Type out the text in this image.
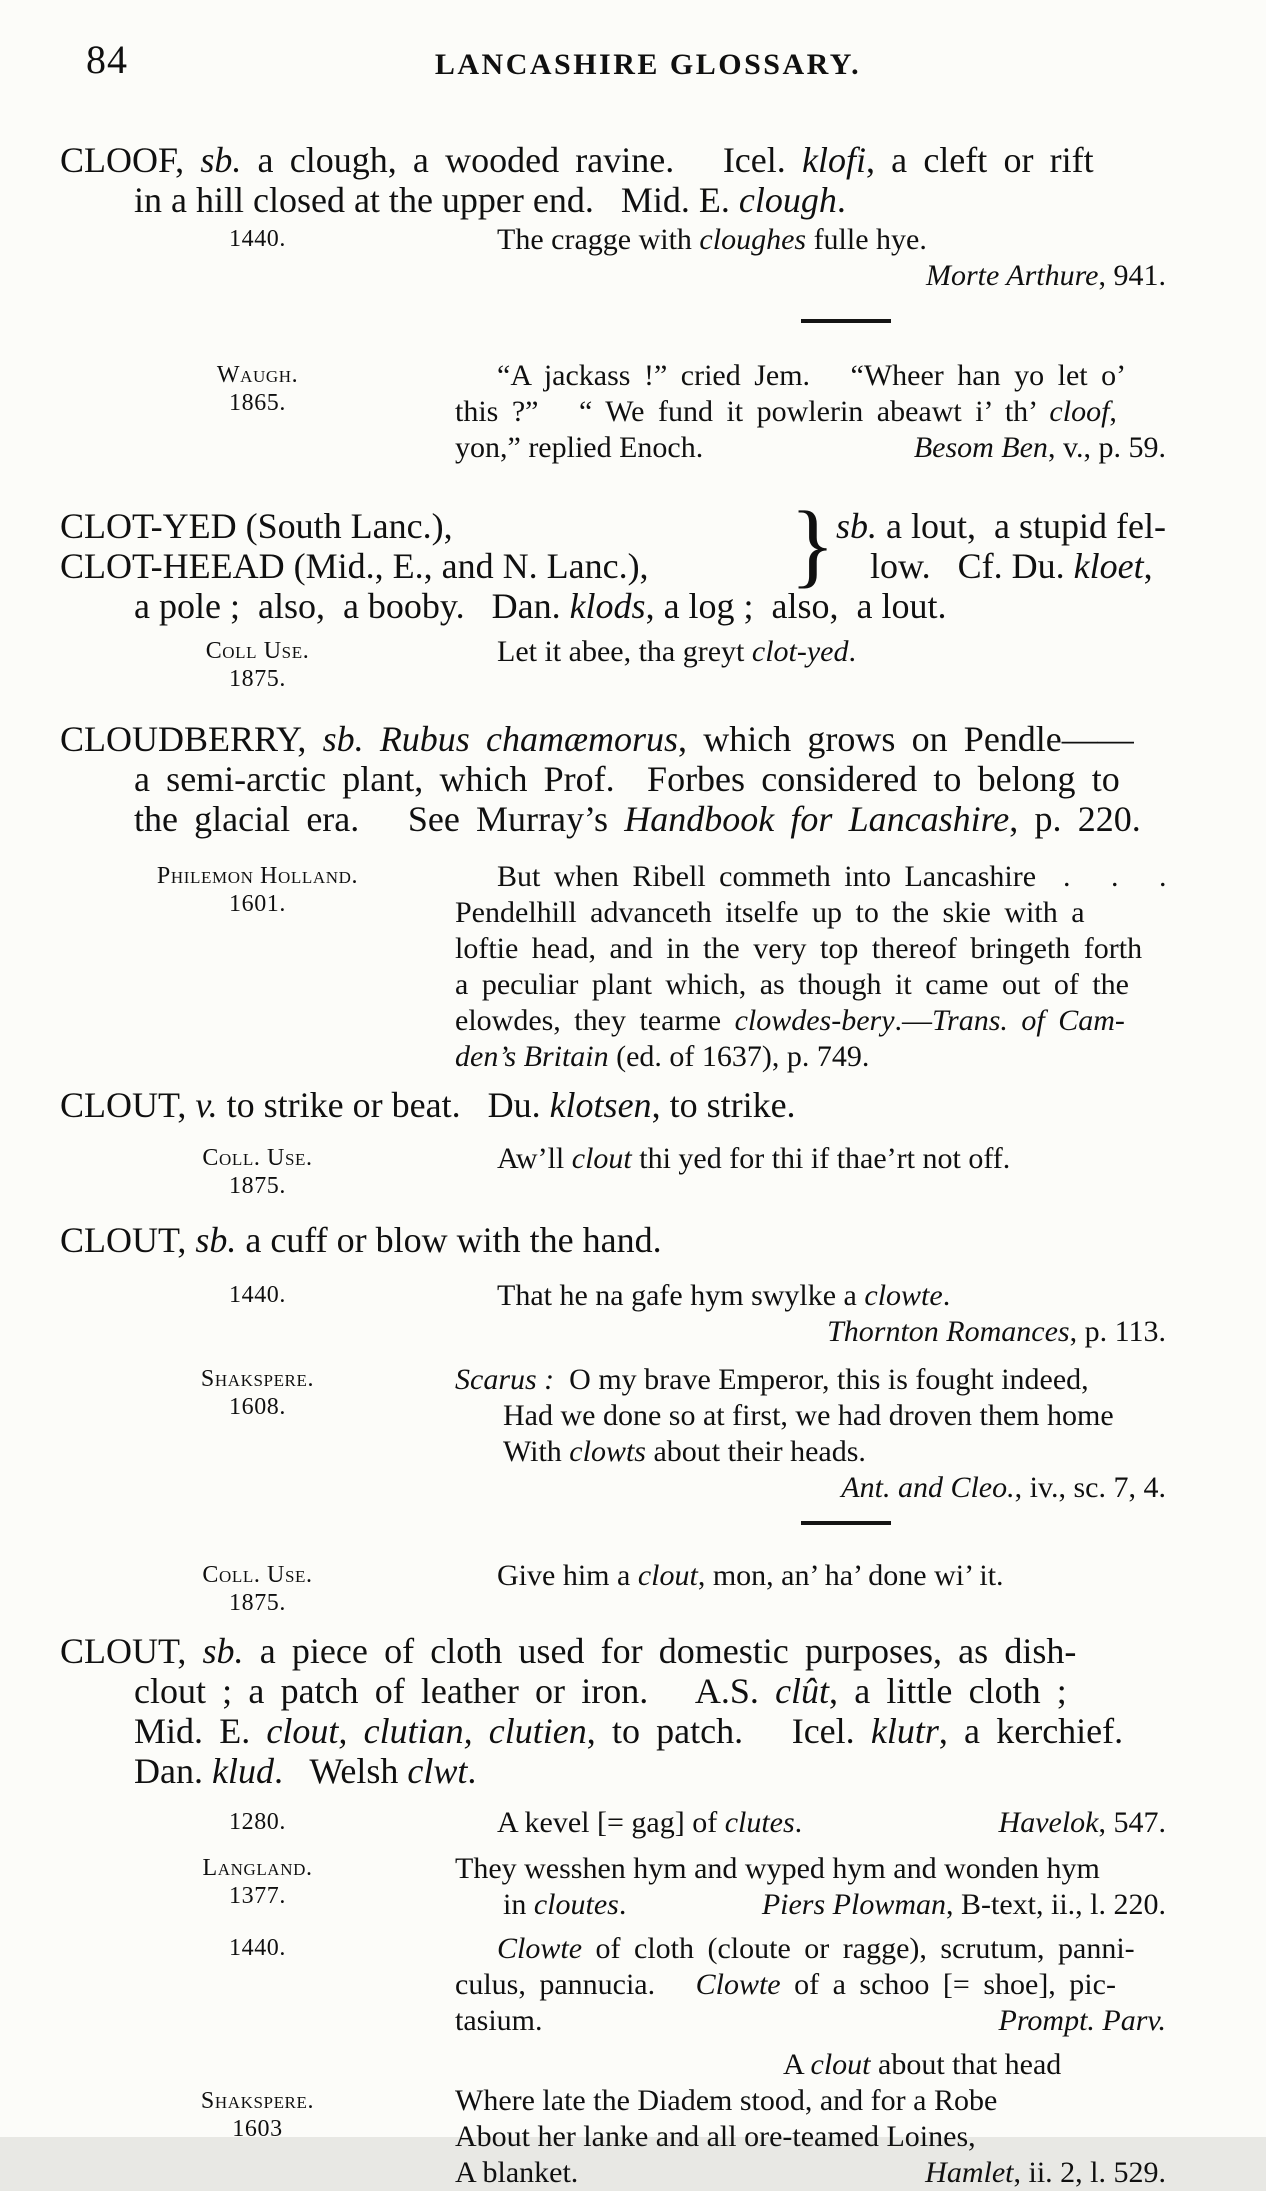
84	LANCASHIRE GLOSSARY.
CLOOF, sb. a clough, a wooded ravine.   Icel. klofi, a cleft or rift
in a hill closed at the upper end.   Mid. E. clough.
1440.	The cragge with cloughes fulle hye.
Morte Arthure, 941.
Waugh.
1865.
“A jackass !” cried Jem.   “Wheer han yo let o’
this ?”   “ We fund it powlerin abeawt i’ th’ cloof,
yon,” replied Enoch.	Besom Ben, v., p. 59.
CLOT-YED (South Lanc.),
CLOT-HEEAD (Mid., E., and N. Lanc.),	} sb. a lout,  a stupid fel-
low.   Cf. Du. kloet,
a pole ;  also,  a booby.   Dan. klods, a log ;  also,  a lout.
Coll Use.
1875.
Let it abee, tha greyt clot-yed.
CLOUDBERRY, sb. Rubus chamæmorus, which grows on Pendle——
a semi-arctic plant, which Prof.  Forbes considered to belong to
the glacial era.   See Murray’s Handbook for Lancashire, p. 220.
Philemon Holland.
1601.
But when Ribell commeth into Lancashire  .   .   .
Pendelhill advanceth itselfe up to the skie with a
loftie head, and in the very top thereof bringeth forth
a peculiar plant which, as though it came out of the
elowdes, they tearme clowdes-bery.—Trans. of Cam-
den’s Britain (ed. of 1637), p. 749.
CLOUT, v. to strike or beat.   Du. klotsen, to strike.
Coll. Use.
1875.
Aw’ll clout thi yed for thi if thae’rt not off.
CLOUT, sb. a cuff or blow with the hand.
1440.	That he na gafe hym swylke a clowte.
Thornton Romances, p. 113.
Shakspere.
1608.
Scarus :  O my brave Emperor, this is fought indeed,
Had we done so at first, we had droven them home
With clowts about their heads.
Ant. and Cleo., iv., sc. 7, 4.
Coll. Use.
1875.
Give him a clout, mon, an’ ha’ done wi’ it.
CLOUT, sb. a piece of cloth used for domestic purposes, as dish-
clout ; a patch of leather or iron.   A.S. clût, a little cloth ;
Mid. E. clout, clutian, clutien, to patch.   Icel. klutr, a kerchief.
Dan. klud.   Welsh clwt.
1280.	A kevel [= gag] of clutes.	Havelok, 547.
Langland.
1377.
They wesshen hym and wyped hym and wonden hym
in cloutes.	Piers Plowman, B-text, ii., l. 220.
1440.	Clowte of cloth (cloute or ragge), scrutum, panni-
culus, pannucia.   Clowte of a schoo [= shoe], pic-
tasium.	Prompt. Parv.
Shakspere.
1603
A clout about that head
Where late the Diadem stood, and for a Robe
About her lanke and all ore-teamed Loines,
A blanket.	Hamlet, ii. 2, l. 529.
